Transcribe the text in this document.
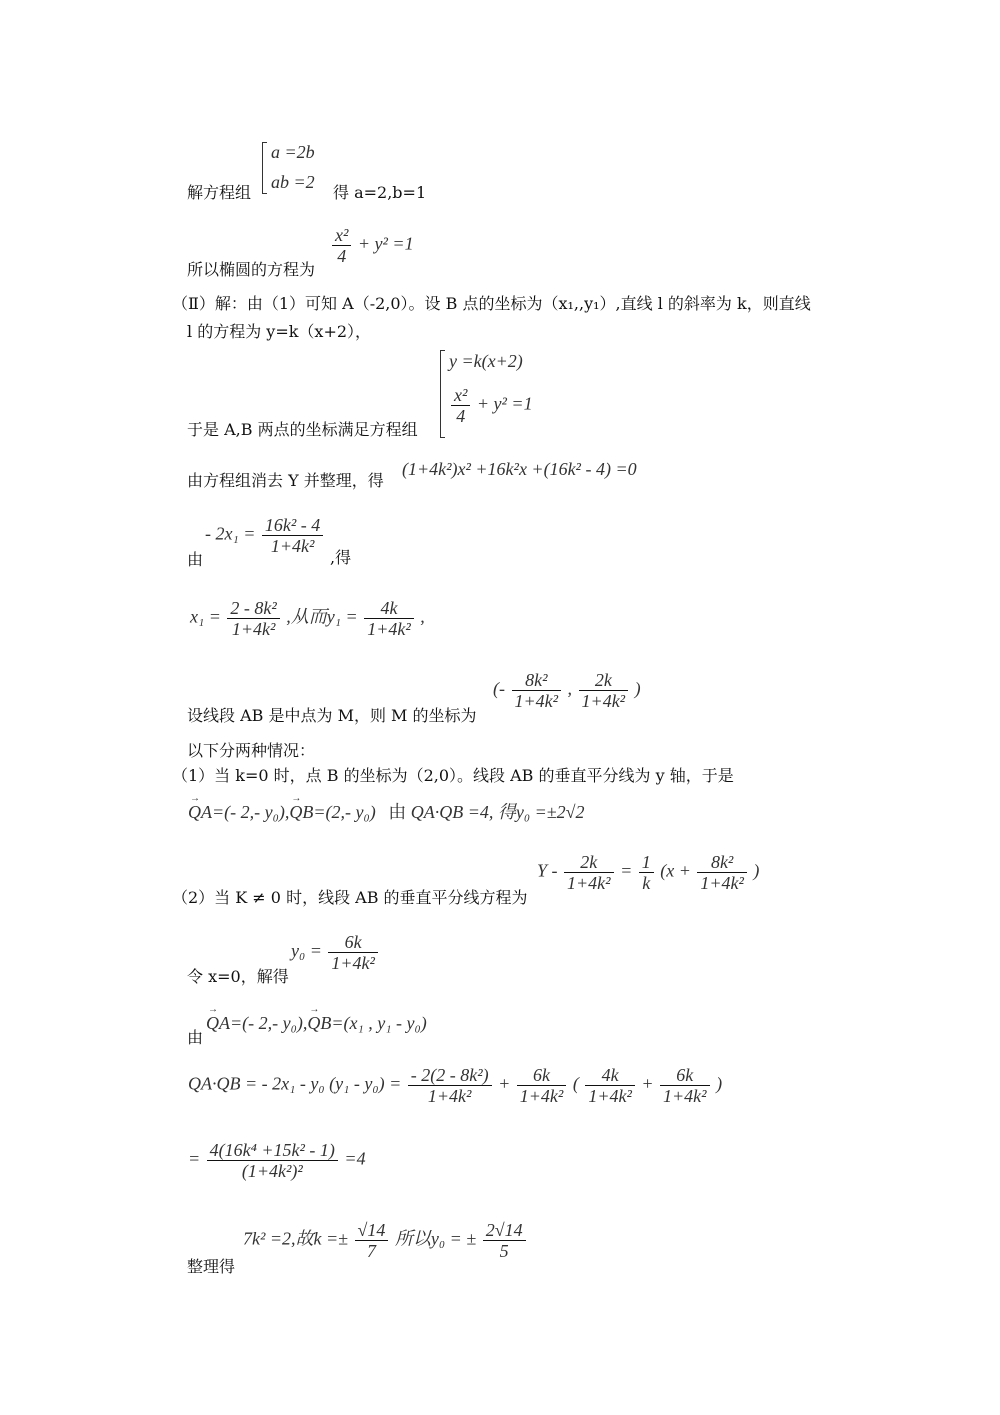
a =2b
ab =2
解方程组	得 a=2,b=1
所以椭圆的方程为
$\frac{\text{x²}}{4} + y^2 =1$
（Ⅱ）解：由（1）可知 A（-2,0）。设 B 点的坐标为（x₁,,y₁）,直线 l 的斜率为 k，则直线
l 的方程为 y=k（x+2），
y =k(x+2)
$\frac{\text{x²}}{4} + y^2 =1$
于是 A,B 两点的坐标满足方程组
由方程组消去 Y 并整理，得
(1+4k²)x² +16k²x +(16k² - 4) =0
由
- $2x_1 = \frac{\text{16k² - 4}}{\text{1+4k²}}$
,得
$x_1 = \frac{\text{2 - 8k²}}{\text{1+4k²}}$ ,从而$y_1 = \frac{4k}{\text{1+4k²}}$ ,
设线段 AB 是中点为 M，则 M 的坐标为
(- $\frac{\text{8k²}}{\text{1+4k²}}$ , $\frac{2k}{\text{1+4k²}}$ )
以下分两种情况：
（1）当 k=0 时，点 B 的坐标为（2,0）。线段 AB 的垂直平分线为 y 轴，于是
→ QA=(- 2,- y₀),→ QB=(2,- y₀) 由 QA·QB =4, 得y₀ =±2√2
（2）当 K ≠ 0 时，线段 AB 的垂直平分线方程为
$Y - \frac{2k}{\text{1+4k²}} = \frac{1}{k} (x + \frac{\text{8k²}}{\text{1+4k²}}$ )
令 x=0，解得
$y_0 = \frac{6k}{\text{1+4k²}}$
由
→ QA=(- 2,- y₀),→ QB=(x₁ , y₁ - y₀)
QA·QB = - 2x₁ - y₀ $(y_1 - y_0) = \frac{\text{- 2(2 - 8k²)}}{\text{1+4k²}} + \frac{6k}{\text{1+4k²}}$ ( $\frac{4k}{\text{1+4k²}} + \frac{6k}{\text{1+4k²}}$ )
= $\frac{\text{4(16k⁴ +15k² - 1)}}{\text{(1+4k²)²}} =4$
整理得
7k² =2,故$k =\pm \frac{√14}{7}$ 所以y₀ = ± $\frac{2√14}{5}$
